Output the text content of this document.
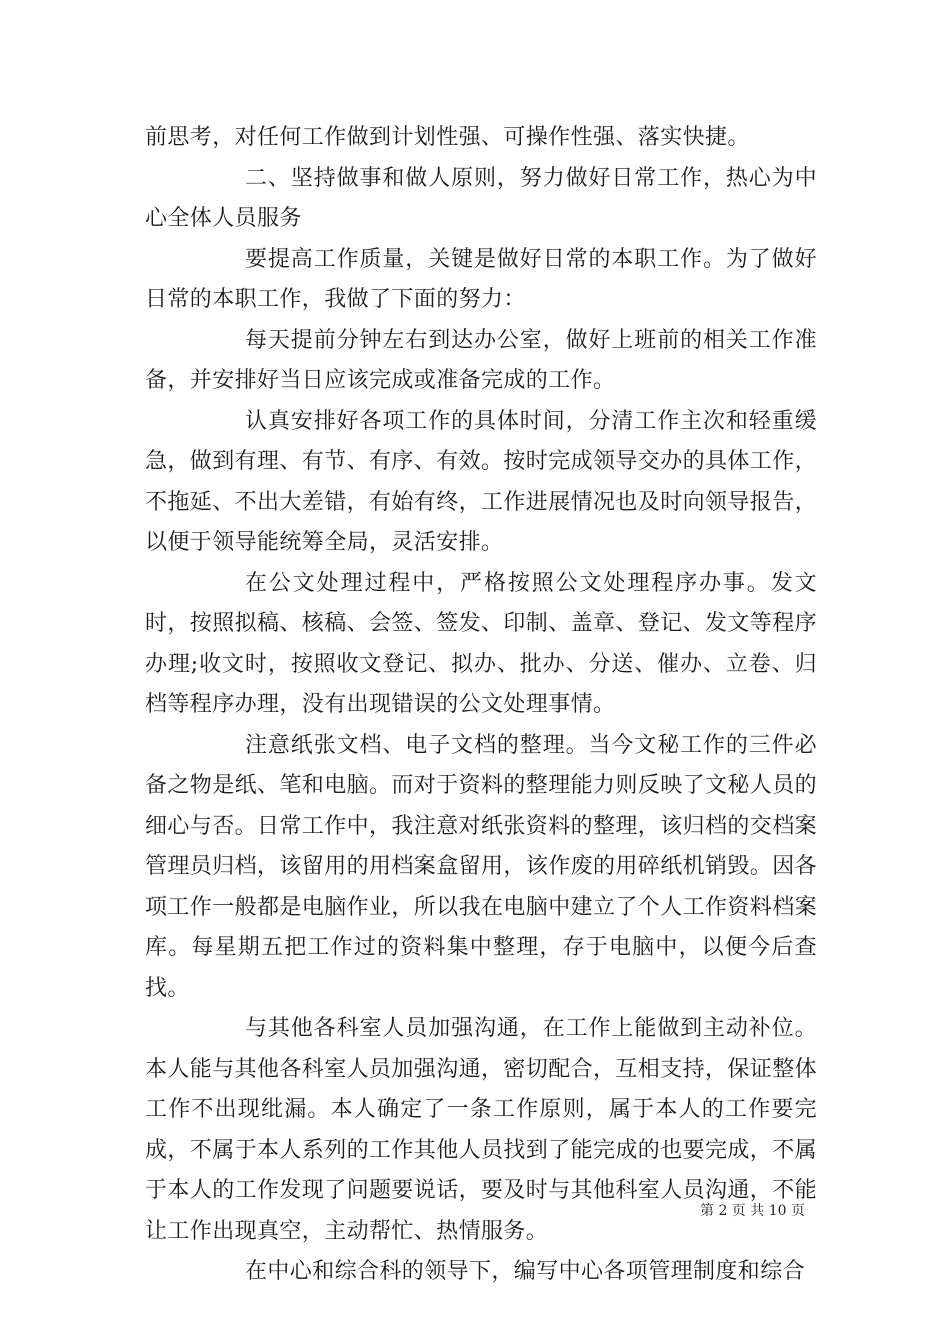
前思考，对任何工作做到计划性强、可操作性强、落实快捷。

二、坚持做事和做人原则，努力做好日常工作，热心为中心全体人员服务

要提高工作质量，关键是做好日常的本职工作。为了做好日常的本职工作，我做了下面的努力：

每天提前分钟左右到达办公室，做好上班前的相关工作准备，并安排好当日应该完成或准备完成的工作。

认真安排好各项工作的具体时间，分清工作主次和轻重缓急，做到有理、有节、有序、有效。按时完成领导交办的具体工作，不拖延、不出大差错，有始有终，工作进展情况也及时向领导报告，以便于领导能统筹全局，灵活安排。

在公文处理过程中，严格按照公文处理程序办事。发文时，按照拟稿、核稿、会签、签发、印制、盖章、登记、发文等程序办理;收文时，按照收文登记、拟办、批办、分送、催办、立卷、归档等程序办理，没有出现错误的公文处理事情。

注意纸张文档、电子文档的整理。当今文秘工作的三件必备之物是纸、笔和电脑。而对于资料的整理能力则反映了文秘人员的细心与否。日常工作中，我注意对纸张资料的整理，该归档的交档案管理员归档，该留用的用档案盒留用，该作废的用碎纸机销毁。因各项工作一般都是电脑作业，所以我在电脑中建立了个人工作资料档案库。每星期五把工作过的资料集中整理，存于电脑中，以便今后查找。

与其他各科室人员加强沟通，在工作上能做到主动补位。本人能与其他各科室人员加强沟通，密切配合，互相支持，保证整体工作不出现纰漏。本人确定了一条工作原则，属于本人的工作要完成，不属于本人系列的工作其他人员找到了能完成的也要完成，不属于本人的工作发现了问题要说话，要及时与其他科室人员沟通，不能让工作出现真空，主动帮忙、热情服务。

在中心和综合科的领导下，编写中心各项管理制度和综合

第 2 页 共 10 页
